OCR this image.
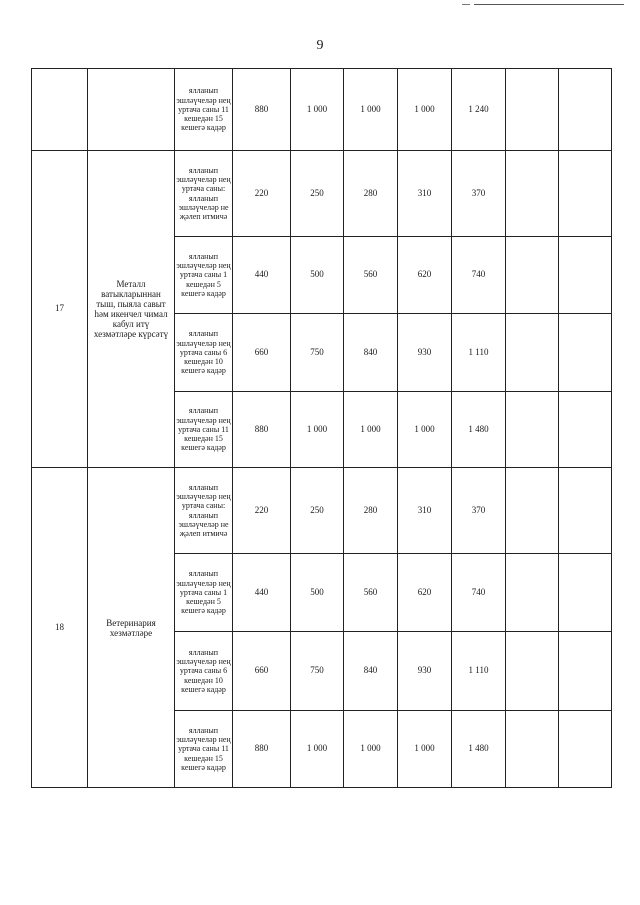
9
		ялланып эшләүчеләр нең уртача саны 11 кешедән 15 кешегә кадәр	880	1 000	1 000	1 000	1 240		
17	Металл ватыкларыннан тыш, пыяла савыт һәм икенчел чимал кабул итү хезмәтләре күрсәтү	ялланып эшләүчеләр нең уртача саны: ялланып эшләүчеләр не җәлеп итмичә	220	250	280	310	370		
		ялланып эшләүчеләр нең уртача саны 1 кешедән 5 кешегә кадәр	440	500	560	620	740		
		ялланып эшләүчеләр нең уртача саны 6 кешедән 10 кешегә кадәр	660	750	840	930	1 110		
		ялланып эшләүчеләр нең уртача саны 11 кешедән 15 кешегә кадәр	880	1 000	1 000	1 000	1 480		
18	Ветеринария хезмәтләре	ялланып эшләүчеләр нең уртача саны: ялланып эшләүчеләр не җәлеп итмичә	220	250	280	310	370		
		ялланып эшләүчеләр нең уртача саны 1 кешедән 5 кешегә кадәр	440	500	560	620	740		
		ялланып эшләүчеләр нең уртача саны 6 кешедән 10 кешегә кадәр	660	750	840	930	1 110		
		ялланып эшләүчеләр нең уртача саны 11 кешедән 15 кешегә кадәр	880	1 000	1 000	1 000	1 480		
